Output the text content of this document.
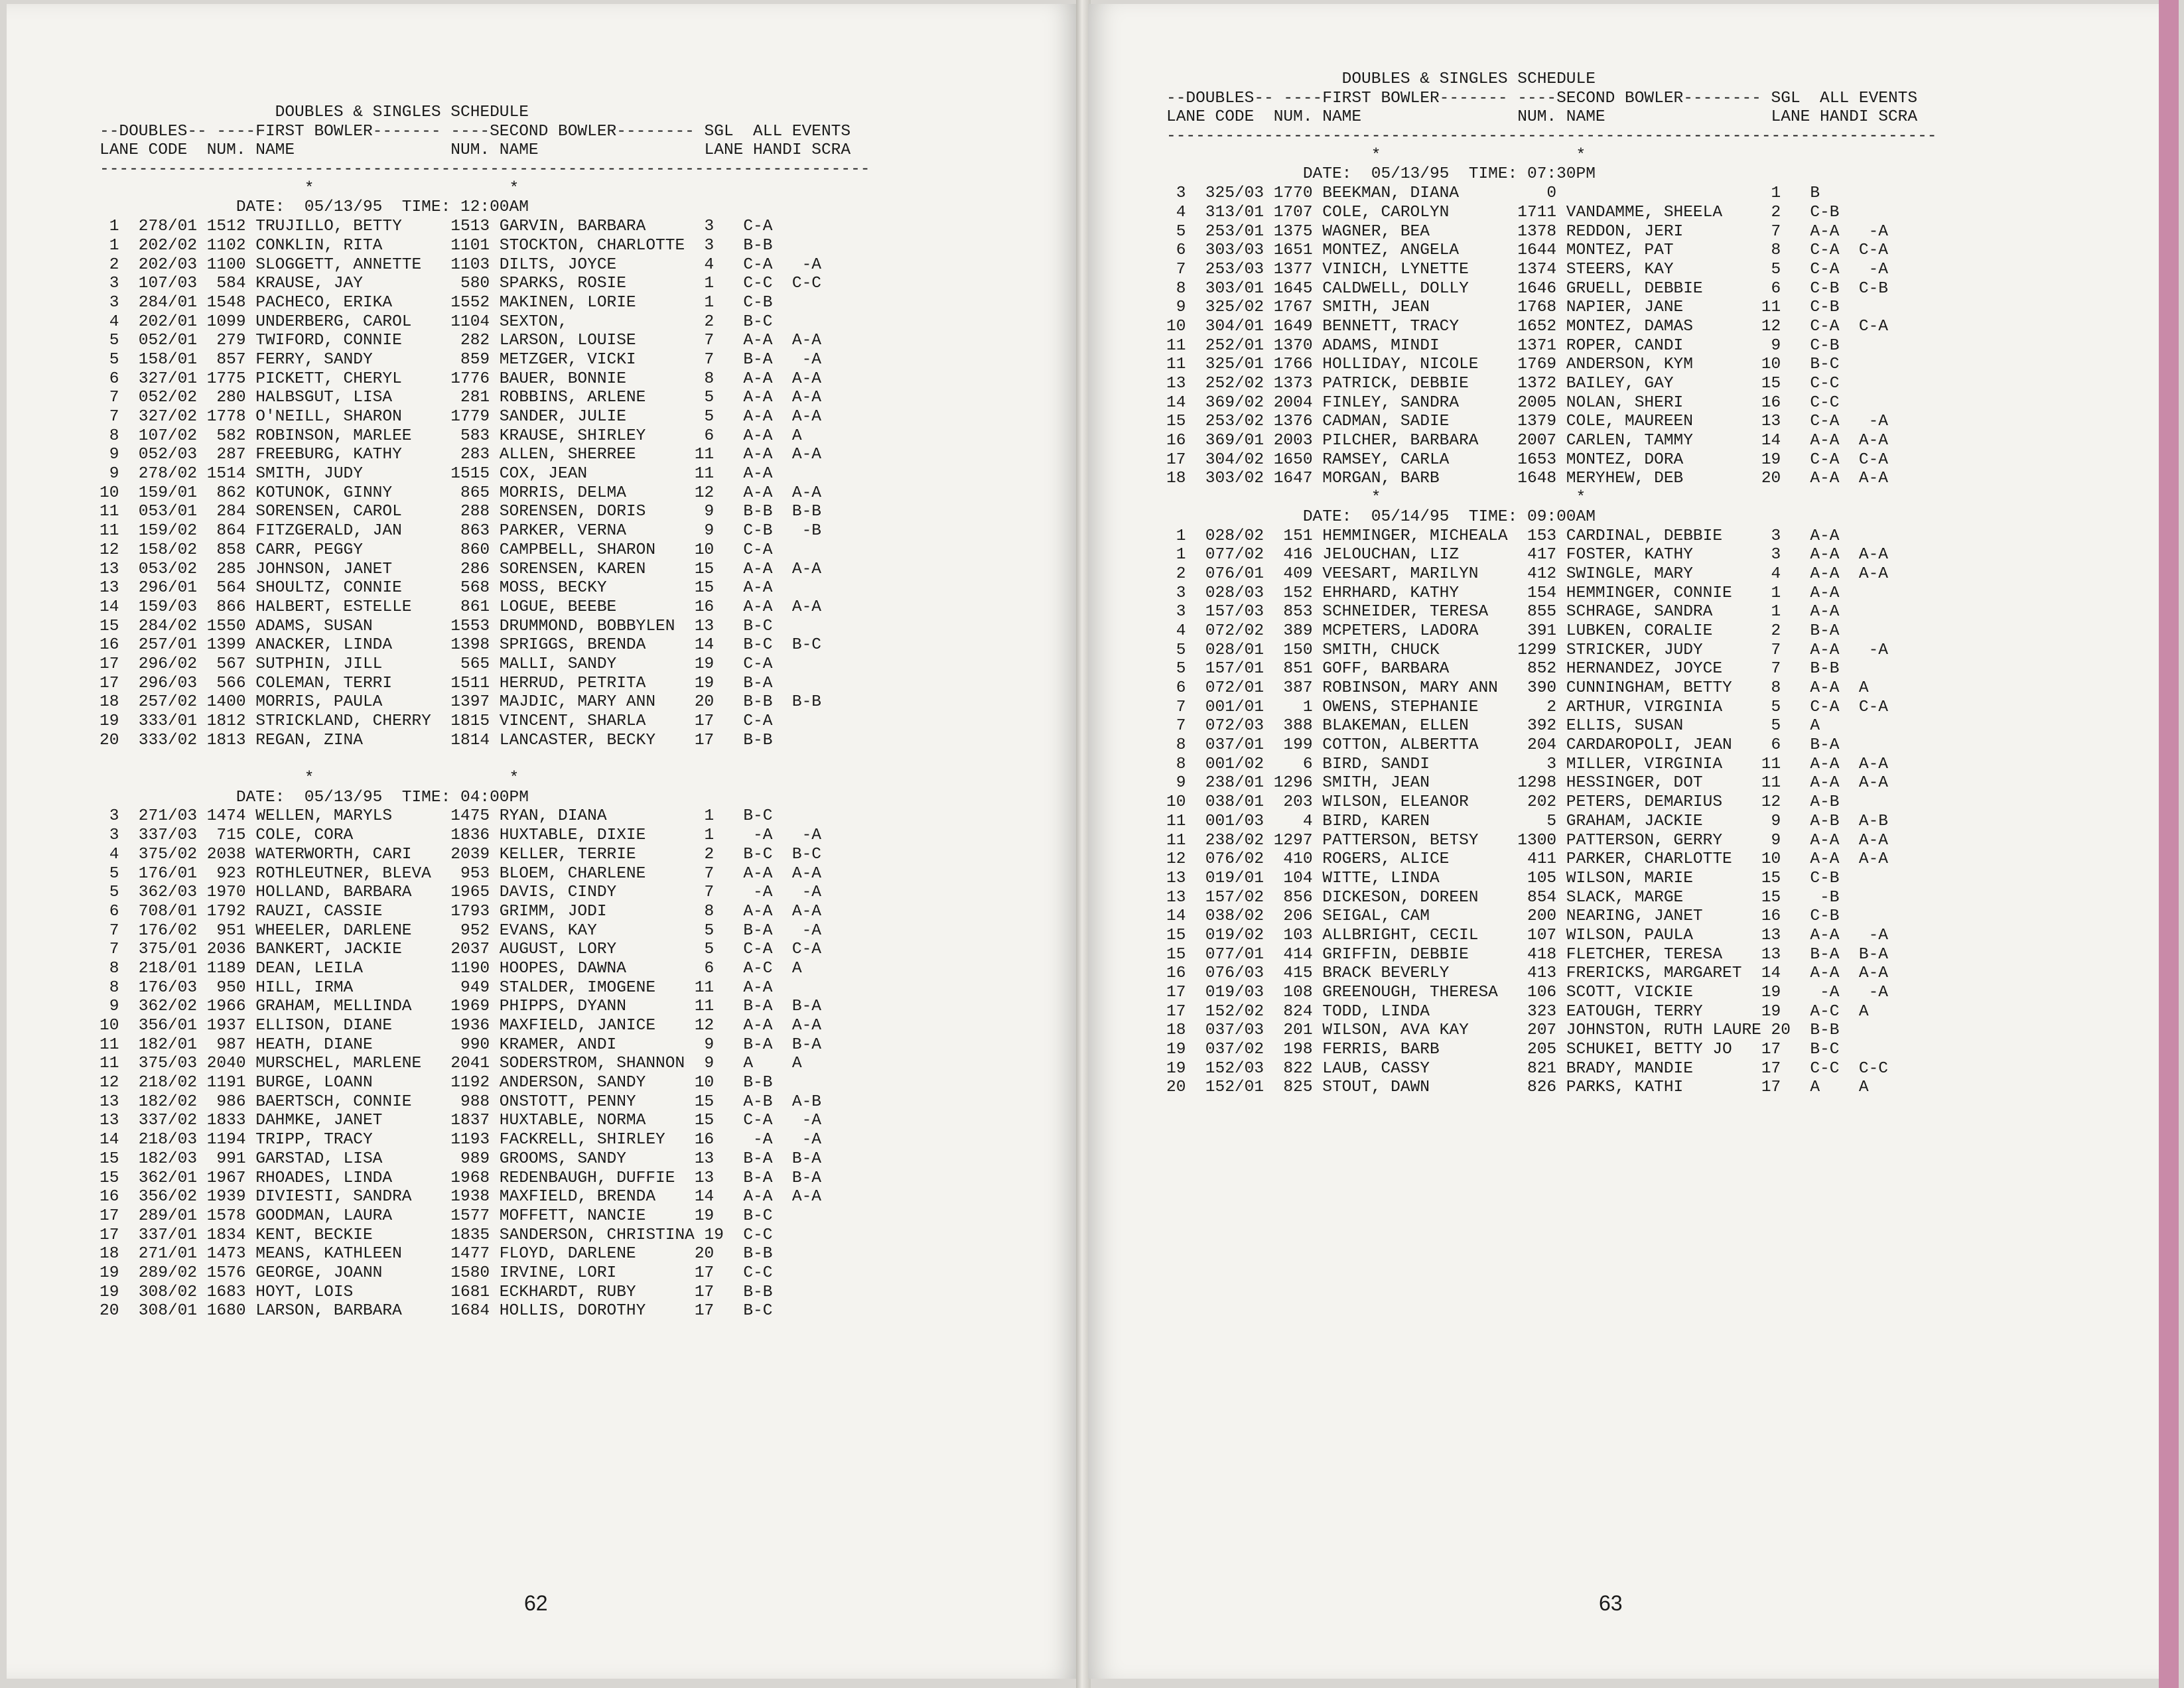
DOUBLES & SINGLES SCHEDULE
--DOUBLES-- ----FIRST BOWLER------- ----SECOND BOWLER-------- SGL  ALL EVENTS
LANE CODE  NUM. NAME                NUM. NAME                 LANE HANDI SCRA
-------------------------------------------------------------------------------
*                    *
DATE:  05/13/95  TIME: 12:00AM
1  278/01 1512 TRUJILLO, BETTY     1513 GARVIN, BARBARA      3   C-A
1  202/02 1102 CONKLIN, RITA       1101 STOCKTON, CHARLOTTE  3   B-B
2  202/03 1100 SLOGGETT, ANNETTE   1103 DILTS, JOYCE         4   C-A   -A
3  107/03  584 KRAUSE, JAY          580 SPARKS, ROSIE        1   C-C  C-C
3  284/01 1548 PACHECO, ERIKA      1552 MAKINEN, LORIE       1   C-B
4  202/01 1099 UNDERBERG, CAROL    1104 SEXTON,              2   B-C
5  052/01  279 TWIFORD, CONNIE      282 LARSON, LOUISE       7   A-A  A-A
5  158/01  857 FERRY, SANDY         859 METZGER, VICKI       7   B-A   -A
6  327/01 1775 PICKETT, CHERYL     1776 BAUER, BONNIE        8   A-A  A-A
7  052/02  280 HALBSGUT, LISA       281 ROBBINS, ARLENE      5   A-A  A-A
7  327/02 1778 O'NEILL, SHARON     1779 SANDER, JULIE        5   A-A  A-A
8  107/02  582 ROBINSON, MARLEE     583 KRAUSE, SHIRLEY      6   A-A  A
9  052/03  287 FREEBURG, KATHY      283 ALLEN, SHERREE      11   A-A  A-A
9  278/02 1514 SMITH, JUDY         1515 COX, JEAN           11   A-A
10  159/01  862 KOTUNOK, GINNY       865 MORRIS, DELMA       12   A-A  A-A
11  053/01  284 SORENSEN, CAROL      288 SORENSEN, DORIS      9   B-B  B-B
11  159/02  864 FITZGERALD, JAN      863 PARKER, VERNA        9   C-B   -B
12  158/02  858 CARR, PEGGY          860 CAMPBELL, SHARON    10   C-A
13  053/02  285 JOHNSON, JANET       286 SORENSEN, KAREN     15   A-A  A-A
13  296/01  564 SHOULTZ, CONNIE      568 MOSS, BECKY         15   A-A
14  159/03  866 HALBERT, ESTELLE     861 LOGUE, BEEBE        16   A-A  A-A
15  284/02 1550 ADAMS, SUSAN        1553 DRUMMOND, BOBBYLEN  13   B-C
16  257/01 1399 ANACKER, LINDA      1398 SPRIGGS, BRENDA     14   B-C  B-C
17  296/02  567 SUTPHIN, JILL        565 MALLI, SANDY        19   C-A
17  296/03  566 COLEMAN, TERRI      1511 HERRUD, PETRITA     19   B-A
18  257/02 1400 MORRIS, PAULA       1397 MAJDIC, MARY ANN    20   B-B  B-B
19  333/01 1812 STRICKLAND, CHERRY  1815 VINCENT, SHARLA     17   C-A
20  333/02 1813 REGAN, ZINA         1814 LANCASTER, BECKY    17   B-B
*                    *
DATE:  05/13/95  TIME: 04:00PM
3  271/03 1474 WELLEN, MARYLS      1475 RYAN, DIANA          1   B-C
3  337/03  715 COLE, CORA          1836 HUXTABLE, DIXIE      1    -A   -A
4  375/02 2038 WATERWORTH, CARI    2039 KELLER, TERRIE       2   B-C  B-C
5  176/01  923 ROTHLEUTNER, BLEVA   953 BLOEM, CHARLENE      7   A-A  A-A
5  362/03 1970 HOLLAND, BARBARA    1965 DAVIS, CINDY         7    -A   -A
6  708/01 1792 RAUZI, CASSIE       1793 GRIMM, JODI          8   A-A  A-A
7  176/02  951 WHEELER, DARLENE     952 EVANS, KAY           5   B-A   -A
7  375/01 2036 BANKERT, JACKIE     2037 AUGUST, LORY         5   C-A  C-A
8  218/01 1189 DEAN, LEILA         1190 HOOPES, DAWNA        6   A-C  A
8  176/03  950 HILL, IRMA           949 STALDER, IMOGENE    11   A-A
9  362/02 1966 GRAHAM, MELLINDA    1969 PHIPPS, DYANN       11   B-A  B-A
10  356/01 1937 ELLISON, DIANE      1936 MAXFIELD, JANICE    12   A-A  A-A
11  182/01  987 HEATH, DIANE         990 KRAMER, ANDI         9   B-A  B-A
11  375/03 2040 MURSCHEL, MARLENE   2041 SODERSTROM, SHANNON  9   A    A
12  218/02 1191 BURGE, LOANN        1192 ANDERSON, SANDY     10   B-B
13  182/02  986 BAERTSCH, CONNIE     988 ONSTOTT, PENNY      15   A-B  A-B
13  337/02 1833 DAHMKE, JANET       1837 HUXTABLE, NORMA     15   C-A   -A
14  218/03 1194 TRIPP, TRACY        1193 FACKRELL, SHIRLEY   16    -A   -A
15  182/03  991 GARSTAD, LISA        989 GROOMS, SANDY       13   B-A  B-A
15  362/01 1967 RHOADES, LINDA      1968 REDENBAUGH, DUFFIE  13   B-A  B-A
16  356/02 1939 DIVIESTI, SANDRA    1938 MAXFIELD, BRENDA    14   A-A  A-A
17  289/01 1578 GOODMAN, LAURA      1577 MOFFETT, NANCIE     19   B-C
17  337/01 1834 KENT, BECKIE        1835 SANDERSON, CHRISTINA 19  C-C
18  271/01 1473 MEANS, KATHLEEN     1477 FLOYD, DARLENE      20   B-B
19  289/02 1576 GEORGE, JOANN       1580 IRVINE, LORI        17   C-C
19  308/02 1683 HOYT, LOIS          1681 ECKHARDT, RUBY      17   B-B
20  308/01 1680 LARSON, BARBARA     1684 HOLLIS, DOROTHY     17   B-C
62
DOUBLES & SINGLES SCHEDULE
--DOUBLES-- ----FIRST BOWLER------- ----SECOND BOWLER-------- SGL  ALL EVENTS
LANE CODE  NUM. NAME                NUM. NAME                 LANE HANDI SCRA
-------------------------------------------------------------------------------
*                    *
DATE:  05/13/95  TIME: 07:30PM
3  325/03 1770 BEEKMAN, DIANA         0                      1   B
4  313/01 1707 COLE, CAROLYN       1711 VANDAMME, SHEELA     2   C-B
5  253/01 1375 WAGNER, BEA         1378 REDDON, JERI         7   A-A   -A
6  303/03 1651 MONTEZ, ANGELA      1644 MONTEZ, PAT          8   C-A  C-A
7  253/03 1377 VINICH, LYNETTE     1374 STEERS, KAY          5   C-A   -A
8  303/01 1645 CALDWELL, DOLLY     1646 GRUELL, DEBBIE       6   C-B  C-B
9  325/02 1767 SMITH, JEAN         1768 NAPIER, JANE        11   C-B
10  304/01 1649 BENNETT, TRACY      1652 MONTEZ, DAMAS       12   C-A  C-A
11  252/01 1370 ADAMS, MINDI        1371 ROPER, CANDI         9   C-B
11  325/01 1766 HOLLIDAY, NICOLE    1769 ANDERSON, KYM       10   B-C
13  252/02 1373 PATRICK, DEBBIE     1372 BAILEY, GAY         15   C-C
14  369/02 2004 FINLEY, SANDRA      2005 NOLAN, SHERI        16   C-C
15  253/02 1376 CADMAN, SADIE       1379 COLE, MAUREEN       13   C-A   -A
16  369/01 2003 PILCHER, BARBARA    2007 CARLEN, TAMMY       14   A-A  A-A
17  304/02 1650 RAMSEY, CARLA       1653 MONTEZ, DORA        19   C-A  C-A
18  303/02 1647 MORGAN, BARB        1648 MERYHEW, DEB        20   A-A  A-A
*                    *
DATE:  05/14/95  TIME: 09:00AM
1  028/02  151 HEMMINGER, MICHEALA  153 CARDINAL, DEBBIE     3   A-A
1  077/02  416 JELOUCHAN, LIZ       417 FOSTER, KATHY        3   A-A  A-A
2  076/01  409 VEESART, MARILYN     412 SWINGLE, MARY        4   A-A  A-A
3  028/03  152 EHRHARD, KATHY       154 HEMMINGER, CONNIE    1   A-A
3  157/03  853 SCHNEIDER, TERESA    855 SCHRAGE, SANDRA      1   A-A
4  072/02  389 MCPETERS, LADORA     391 LUBKEN, CORALIE      2   B-A
5  028/01  150 SMITH, CHUCK        1299 STRICKER, JUDY       7   A-A   -A
5  157/01  851 GOFF, BARBARA        852 HERNANDEZ, JOYCE     7   B-B
6  072/01  387 ROBINSON, MARY ANN   390 CUNNINGHAM, BETTY    8   A-A  A
7  001/01    1 OWENS, STEPHANIE       2 ARTHUR, VIRGINIA     5   C-A  C-A
7  072/03  388 BLAKEMAN, ELLEN      392 ELLIS, SUSAN         5   A
8  037/01  199 COTTON, ALBERTTA     204 CARDAROPOLI, JEAN    6   B-A
8  001/02    6 BIRD, SANDI            3 MILLER, VIRGINIA    11   A-A  A-A
9  238/01 1296 SMITH, JEAN         1298 HESSINGER, DOT      11   A-A  A-A
10  038/01  203 WILSON, ELEANOR      202 PETERS, DEMARIUS    12   A-B
11  001/03    4 BIRD, KAREN            5 GRAHAM, JACKIE       9   A-B  A-B
11  238/02 1297 PATTERSON, BETSY    1300 PATTERSON, GERRY     9   A-A  A-A
12  076/02  410 ROGERS, ALICE        411 PARKER, CHARLOTTE   10   A-A  A-A
13  019/01  104 WITTE, LINDA         105 WILSON, MARIE       15   C-B
13  157/02  856 DICKESON, DOREEN     854 SLACK, MARGE        15    -B
14  038/02  206 SEIGAL, CAM          200 NEARING, JANET      16   C-B
15  019/02  103 ALLBRIGHT, CECIL     107 WILSON, PAULA       13   A-A   -A
15  077/01  414 GRIFFIN, DEBBIE      418 FLETCHER, TERESA    13   B-A  B-A
16  076/03  415 BRACK BEVERLY        413 FRERICKS, MARGARET  14   A-A  A-A
17  019/03  108 GREENOUGH, THERESA   106 SCOTT, VICKIE       19    -A   -A
17  152/02  824 TODD, LINDA          323 EATOUGH, TERRY      19   A-C  A
18  037/03  201 WILSON, AVA KAY      207 JOHNSTON, RUTH LAURE 20  B-B
19  037/02  198 FERRIS, BARB         205 SCHUKEI, BETTY JO   17   B-C
19  152/03  822 LAUB, CASSY          821 BRADY, MANDIE       17   C-C  C-C
20  152/01  825 STOUT, DAWN          826 PARKS, KATHI        17   A    A
63
